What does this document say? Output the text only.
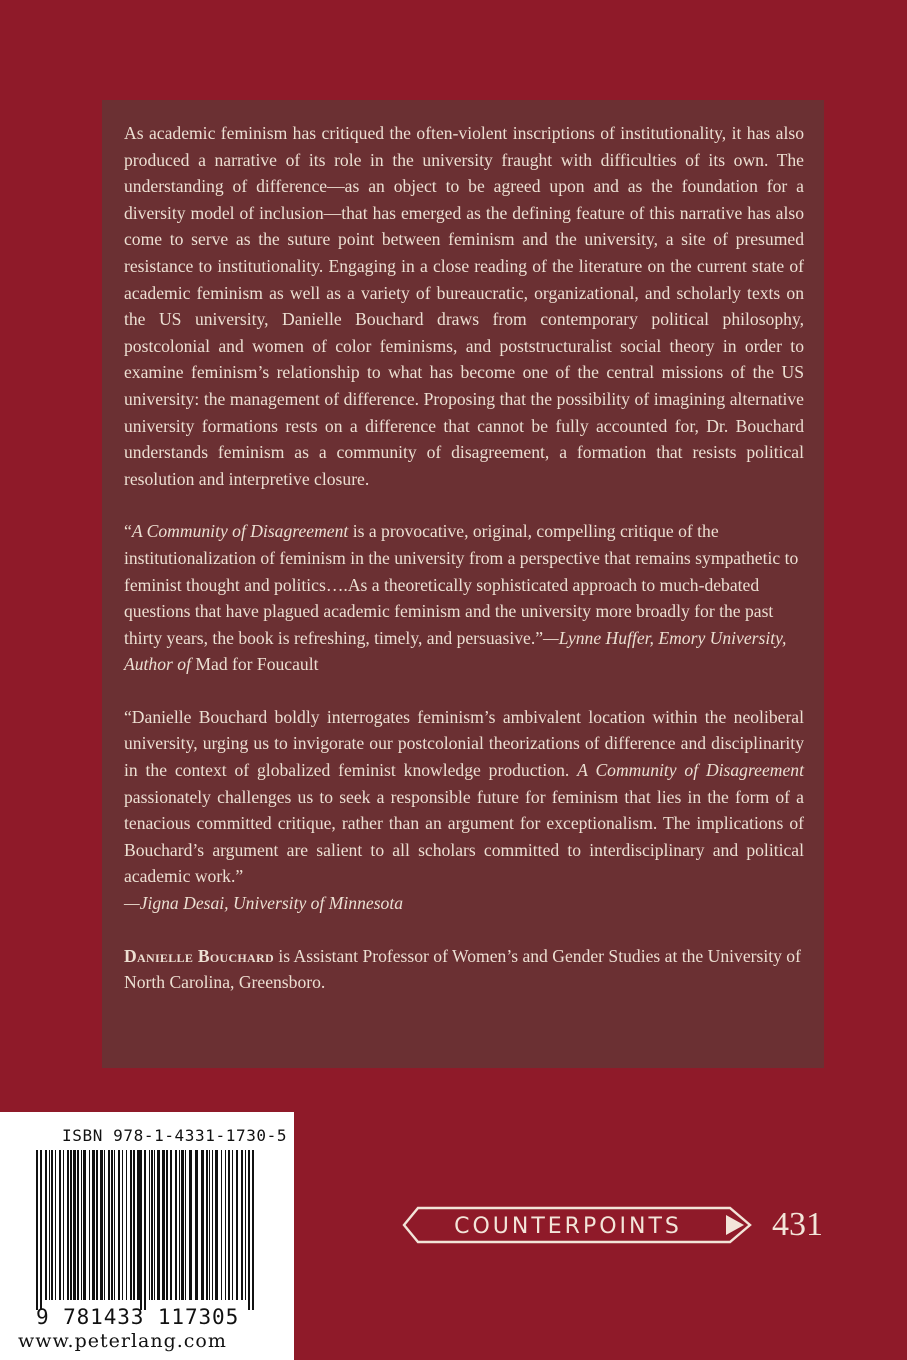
As academic feminism has critiqued the often-violent inscriptions of institutionality, it has also produced a narrative of its role in the university fraught with difficulties of its own. The understanding of difference—as an object to be agreed upon and as the foundation for a diversity model of inclusion—that has emerged as the defining feature of this narrative has also come to serve as the suture point between feminism and the university, a site of presumed resistance to institutionality. Engaging in a close reading of the literature on the current state of academic feminism as well as a variety of bureaucratic, organizational, and scholarly texts on the US university, Danielle Bouchard draws from contemporary political philosophy, postcolonial and women of color feminisms, and poststructuralist social theory in order to examine feminism’s relationship to what has become one of the central missions of the US university: the management of difference. Proposing that the possibility of imagining alternative university formations rests on a difference that cannot be fully accounted for, Dr. Bouchard understands feminism as a community of disagreement, a formation that resists political resolution and interpretive closure.

“A Community of Disagreement is a provocative, original, compelling critique of the institutionalization of feminism in the university from a perspective that remains sympathetic to feminist thought and politics….As a theoretically sophisticated approach to much-debated questions that have plagued academic feminism and the university more broadly for the past thirty years, the book is refreshing, timely, and persuasive.”—Lynne Huffer, Emory University, Author of Mad for Foucault

“Danielle Bouchard boldly interrogates feminism’s ambivalent location within the neoliberal university, urging us to invigorate our postcolonial theorizations of difference and disciplinarity in the context of globalized feminist knowledge production. A Community of Disagreement passionately challenges us to seek a responsible future for feminism that lies in the form of a tenacious committed critique, rather than an argument for exceptionalism. The implications of Bouchard’s argument are salient to all scholars committed to interdisciplinary and political academic work.”
—Jigna Desai, University of Minnesota

Danielle Bouchard is Assistant Professor of Women’s and Gender Studies at the University of North Carolina, Greensboro.

ISBN 978-1-4331-1730-5
9 781433 117305
www.peterlang.com
COUNTERPOINTS	431
